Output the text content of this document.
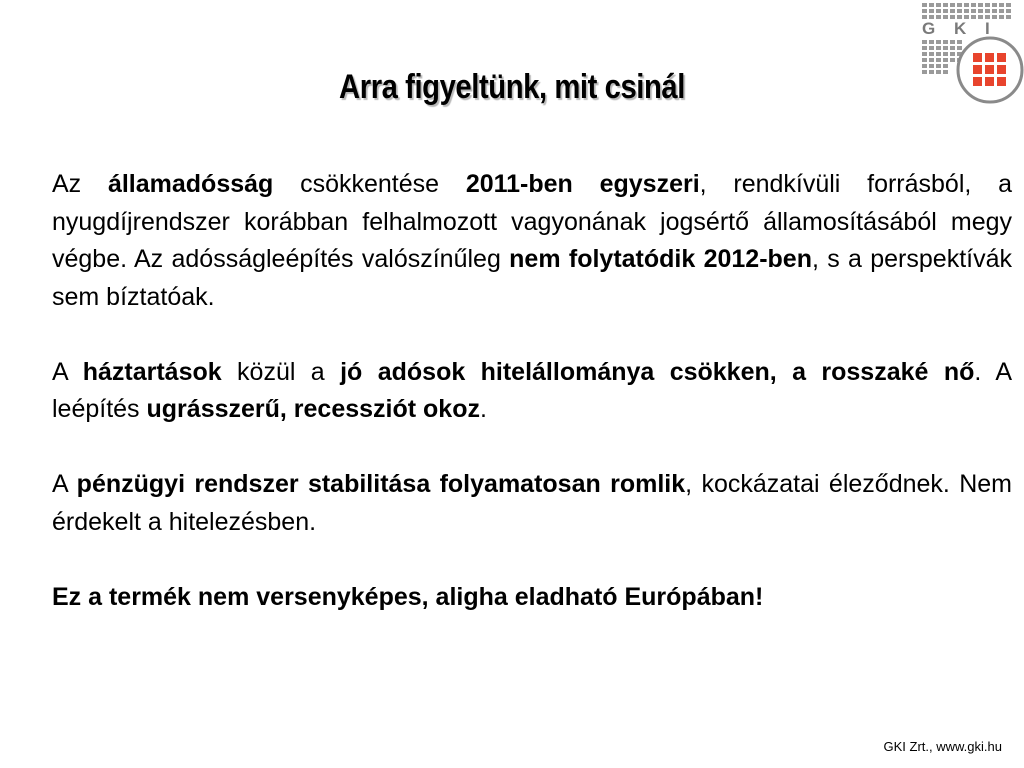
G K I
Arra figyeltünk, mit csinál

Az államadósság csökkentése 2011-ben egyszeri, rendkívüli forrásból, a nyugdíjrendszer korábban felhalmozott vagyonának jogsértő államosításából megy végbe. Az adósságleépítés valószínűleg nem folytatódik 2012-ben, s a perspektívák sem bíztatóak.

A háztartások közül a jó adósok hitelállománya csökken, a rosszaké nő. A leépítés ugrásszerű, recessziót okoz.

A pénzügyi rendszer stabilitása folyamatosan romlik, kockázatai éleződnek. Nem érdekelt a hitelezésben.

Ez a termék nem versenyképes, aligha eladható Európában!

GKI Zrt., www.gki.hu
